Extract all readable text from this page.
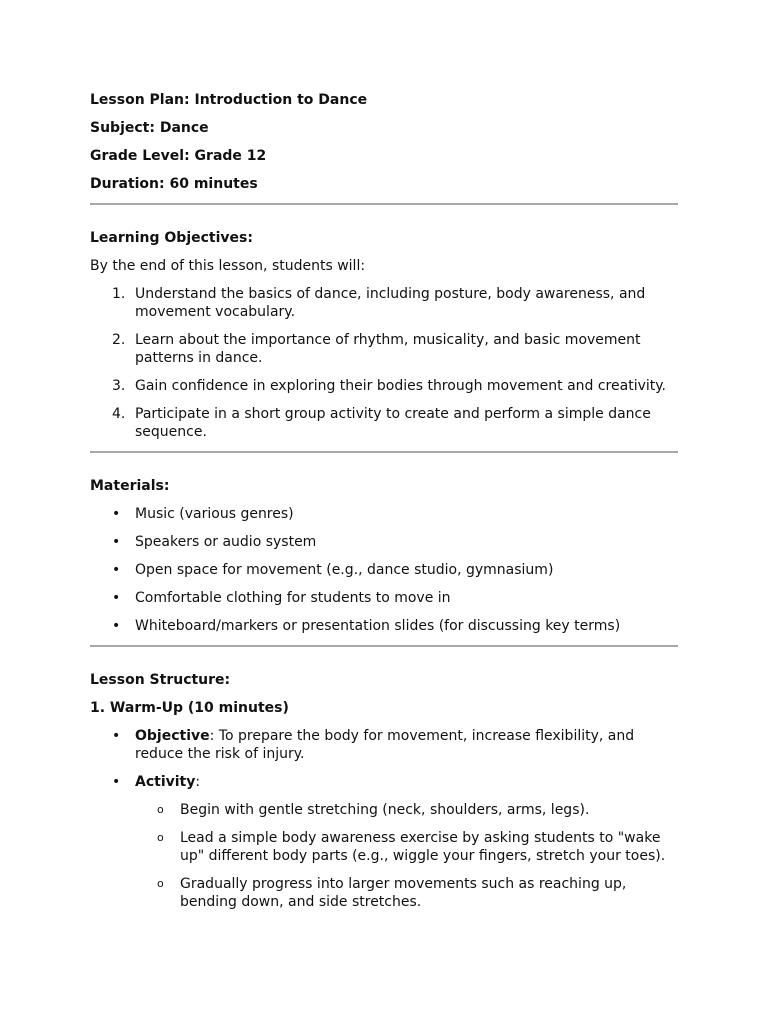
Lesson Plan: Introduction to Dance
Subject: Dance
Grade Level: Grade 12
Duration: 60 minutes
Learning Objectives:
By the end of this lesson, students will:
1. Understand the basics of dance, including posture, body awareness, and movement vocabulary.
2. Learn about the importance of rhythm, musicality, and basic movement patterns in dance.
3. Gain confidence in exploring their bodies through movement and creativity.
4. Participate in a short group activity to create and perform a simple dance sequence.
Materials:
• Music (various genres)
• Speakers or audio system
• Open space for movement (e.g., dance studio, gymnasium)
• Comfortable clothing for students to move in
• Whiteboard/markers or presentation slides (for discussing key terms)
Lesson Structure:
1. Warm-Up (10 minutes)
• Objective: To prepare the body for movement, increase flexibility, and reduce the risk of injury.
• Activity:
o Begin with gentle stretching (neck, shoulders, arms, legs).
o Lead a simple body awareness exercise by asking students to "wake up" different body parts (e.g., wiggle your fingers, stretch your toes).
o Gradually progress into larger movements such as reaching up, bending down, and side stretches.
